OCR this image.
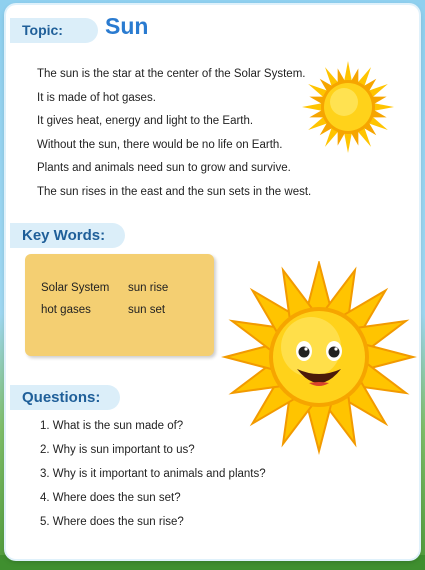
Topic:	Sun
The sun is the star at the center of the Solar System.
It is made of hot gases.
It gives heat, energy and light to the Earth.
Without the sun, there would be no life on Earth.
Plants and animals need sun to grow and survive.
The sun rises in the east and the sun sets in the west.
Key Words:
Solar System	sun rise
hot gases	sun set
Questions:
1. What is the sun made of?
2. Why is sun important to us?
3. Why is it important to animals and plants?
4. Where does the sun set?
5. Where does the sun rise?
